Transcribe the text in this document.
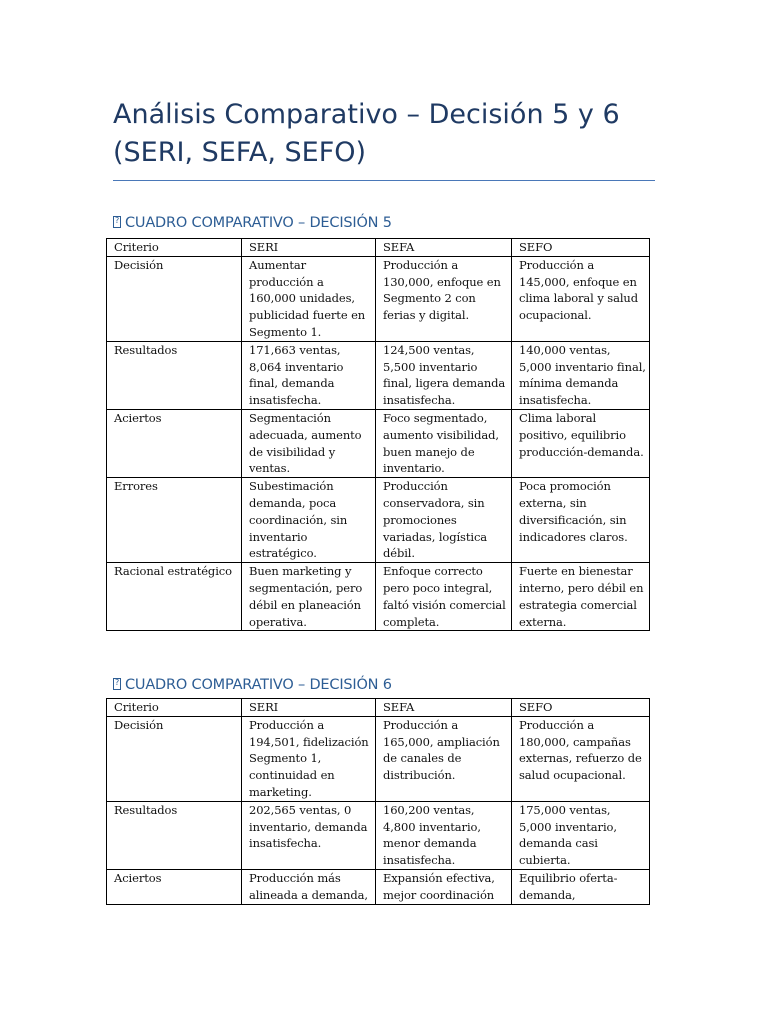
Análisis Comparativo – Decisión 5 y 6 (SERI, SEFA, SEFO)
?CUADRO COMPARATIVO – DECISIÓN 5
Criterio	SERI	SEFA	SEFO
Decisión	Aumentar producción a 160,000 unidades, publicidad fuerte en Segmento 1.	Producción a 130,000, enfoque en Segmento 2 con ferias y digital.	Producción a 145,000, enfoque en clima laboral y salud ocupacional.
Resultados	171,663 ventas, 8,064 inventario final, demanda insatisfecha.	124,500 ventas, 5,500 inventario final, ligera demanda insatisfecha.	140,000 ventas, 5,000 inventario final, mínima demanda insatisfecha.
Aciertos	Segmentación adecuada, aumento de visibilidad y ventas.	Foco segmentado, aumento visibilidad, buen manejo de inventario.	Clima laboral positivo, equilibrio producción-demanda.
Errores	Subestimación demanda, poca coordinación, sin inventario estratégico.	Producción conservadora, sin promociones variadas, logística débil.	Poca promoción externa, sin diversificación, sin indicadores claros.
Racional estratégico	Buen marketing y segmentación, pero débil en planeación operativa.	Enfoque correcto pero poco integral, faltó visión comercial completa.	Fuerte en bienestar interno, pero débil en estrategia comercial externa.
?CUADRO COMPARATIVO – DECISIÓN 6
Criterio	SERI	SEFA	SEFO
Decisión	Producción a 194,501, fidelización Segmento 1, continuidad en marketing.	Producción a 165,000, ampliación de canales de distribución.	Producción a 180,000, campañas externas, refuerzo de salud ocupacional.
Resultados	202,565 ventas, 0 inventario, demanda insatisfecha.	160,200 ventas, 4,800 inventario, menor demanda insatisfecha.	175,000 ventas, 5,000 inventario, demanda casi cubierta.
Aciertos	Producción más alineada a demanda,	Expansión efectiva, mejor coordinación	Equilibrio oferta-demanda,
